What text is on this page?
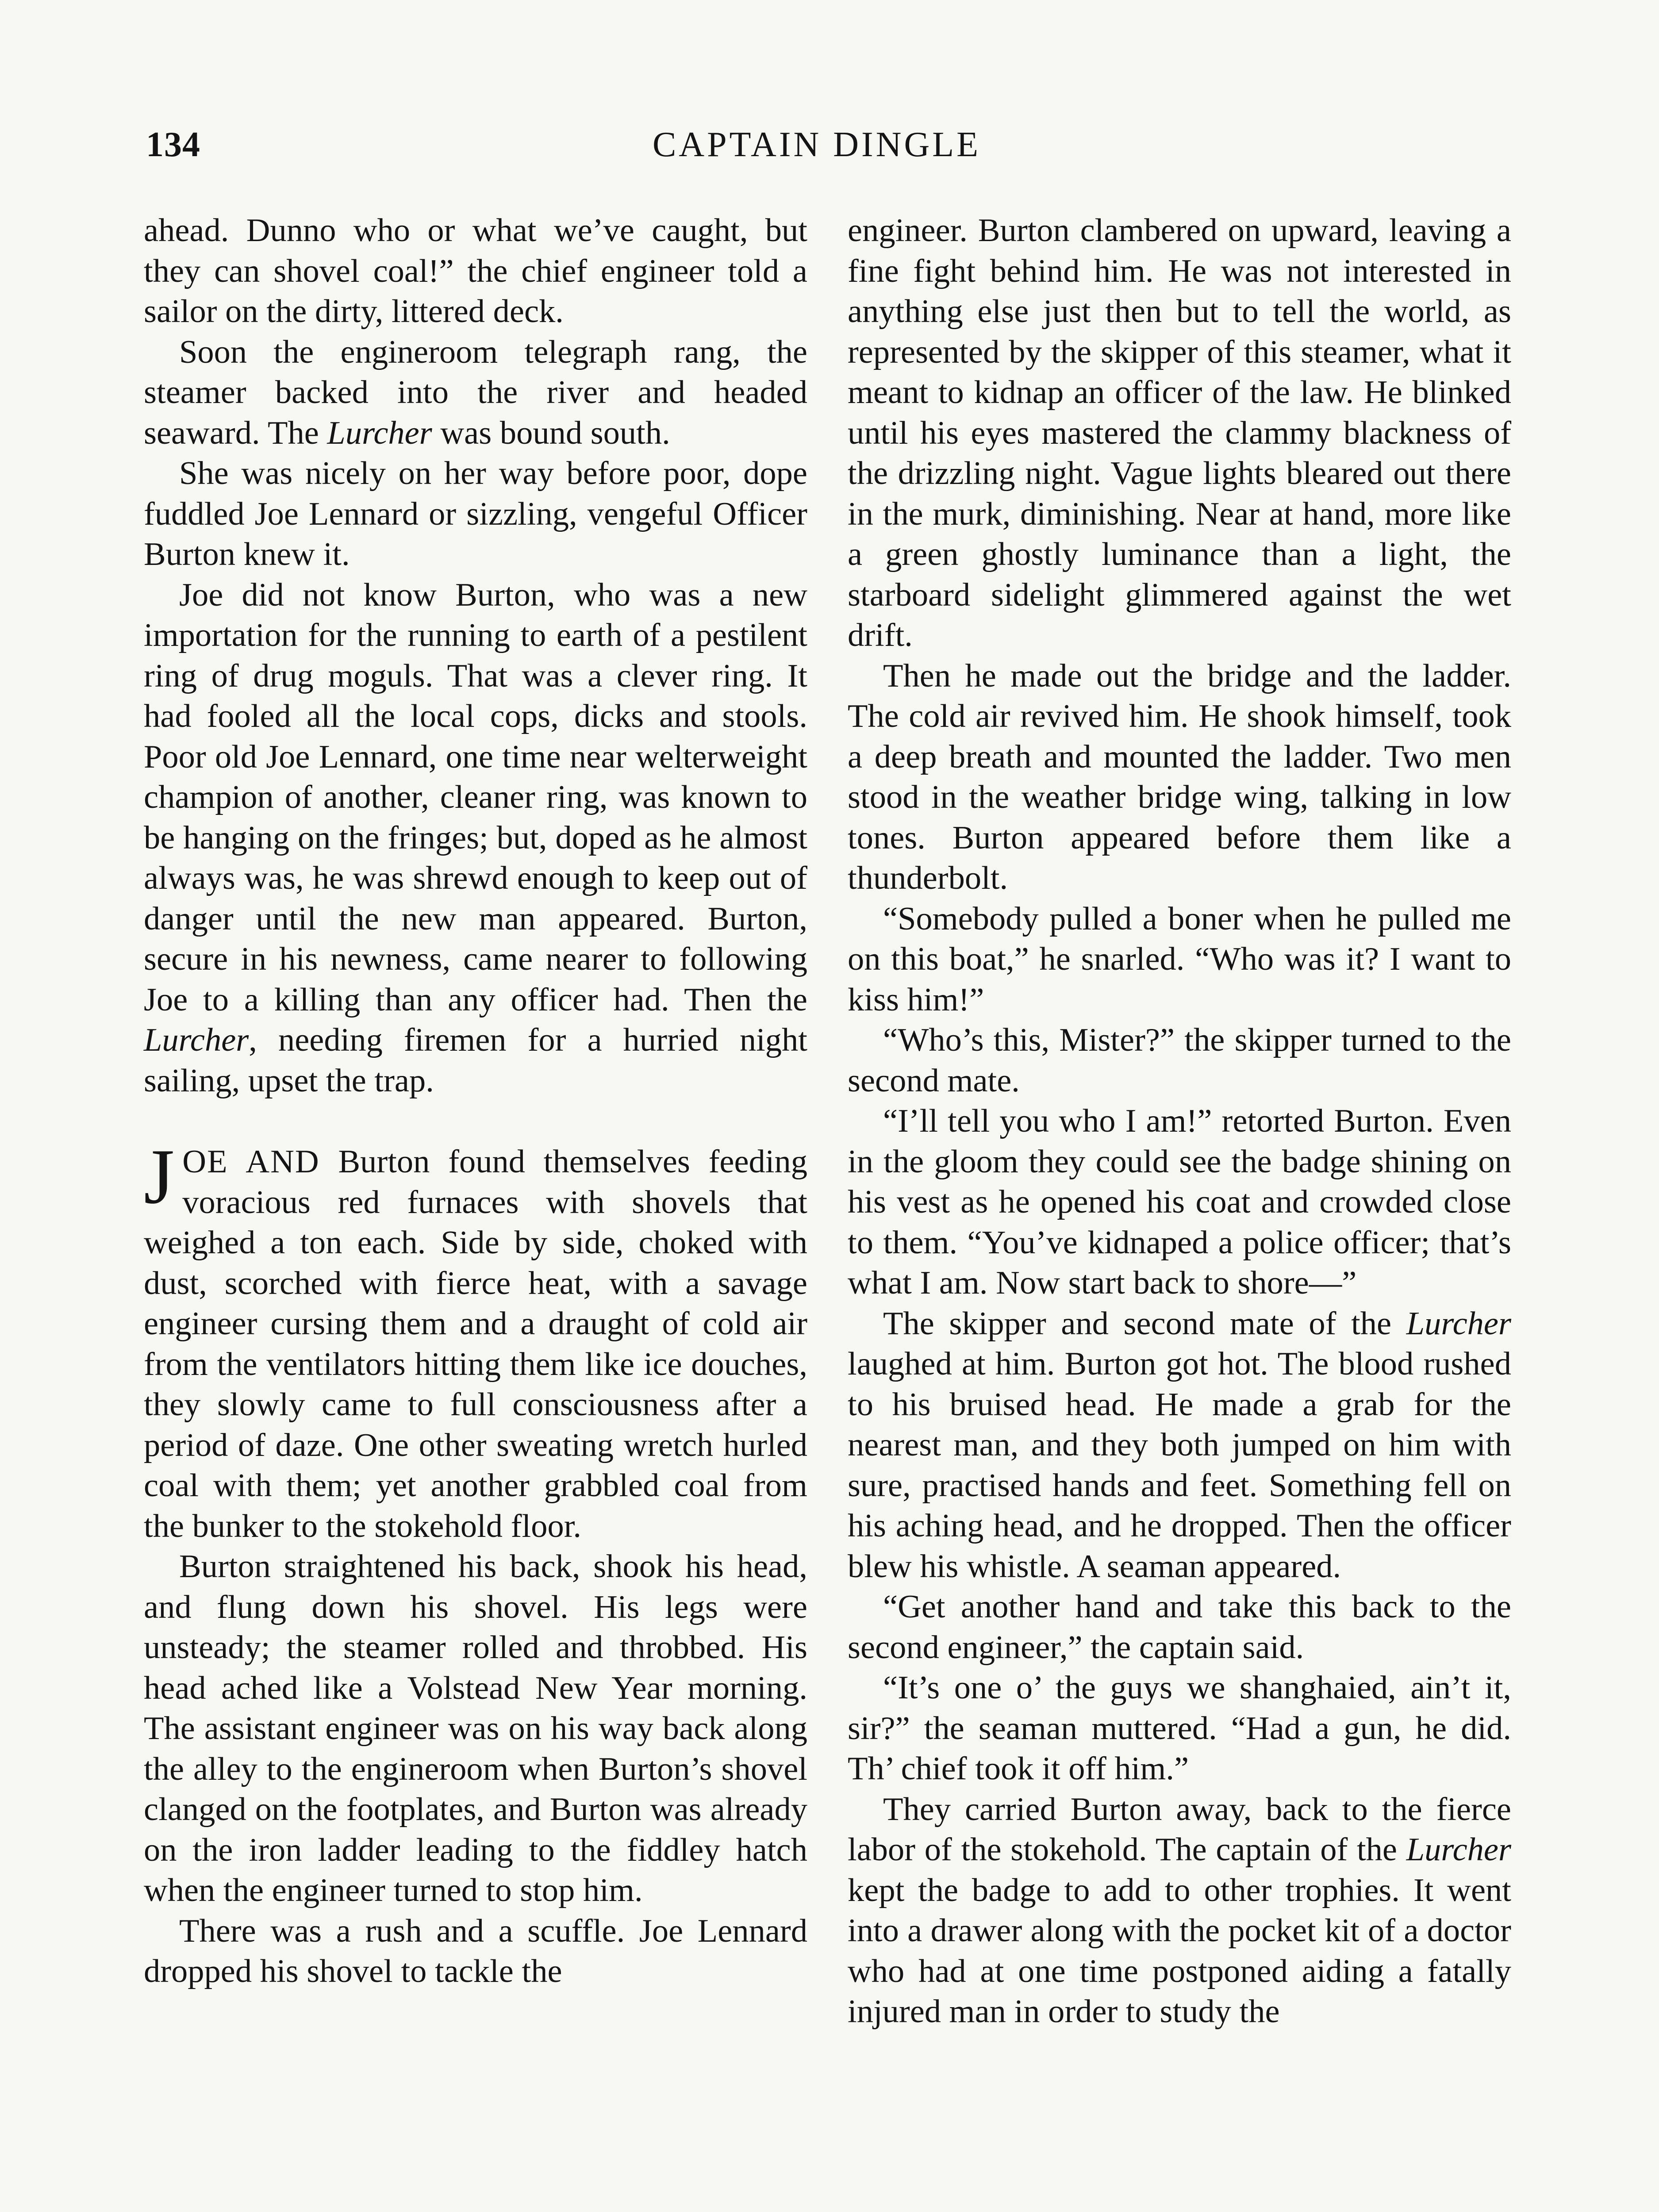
134	CAPTAIN DINGLE

ahead. Dunno who or what we’ve caught, but they can shovel coal!” the chief engineer told a sailor on the dirty, littered deck.

Soon the engineroom telegraph rang, the steamer backed into the river and headed seaward. The Lurcher was bound south.

She was nicely on her way before poor, dope fuddled Joe Lennard or sizzling, vengeful Officer Burton knew it.

Joe did not know Burton, who was a new importation for the running to earth of a pestilent ring of drug moguls. That was a clever ring. It had fooled all the local cops, dicks and stools. Poor old Joe Lennard, one time near welterweight champion of another, cleaner ring, was known to be hanging on the fringes; but, doped as he almost always was, he was shrewd enough to keep out of danger until the new man appeared. Burton, secure in his newness, came nearer to following Joe to a killing than any officer had. Then the Lurcher, needing firemen for a hurried night sailing, upset the trap.

JOE AND Burton found themselves feeding voracious red furnaces with shovels that weighed a ton each. Side by side, choked with dust, scorched with fierce heat, with a savage engineer cursing them and a draught of cold air from the ventilators hitting them like ice douches, they slowly came to full consciousness after a period of daze. One other sweating wretch hurled coal with them; yet another grabbled coal from the bunker to the stokehold floor.

Burton straightened his back, shook his head, and flung down his shovel. His legs were unsteady; the steamer rolled and throbbed. His head ached like a Volstead New Year morning. The assistant engineer was on his way back along the alley to the engineroom when Burton’s shovel clanged on the footplates, and Burton was already on the iron ladder leading to the fiddley hatch when the engineer turned to stop him.

There was a rush and a scuffle. Joe Lennard dropped his shovel to tackle the

engineer. Burton clambered on upward, leaving a fine fight behind him. He was not interested in anything else just then but to tell the world, as represented by the skipper of this steamer, what it meant to kidnap an officer of the law. He blinked until his eyes mastered the clammy blackness of the drizzling night. Vague lights bleared out there in the murk, diminishing. Near at hand, more like a green ghostly luminance than a light, the starboard sidelight glimmered against the wet drift.

Then he made out the bridge and the ladder. The cold air revived him. He shook himself, took a deep breath and mounted the ladder. Two men stood in the weather bridge wing, talking in low tones. Burton appeared before them like a thunderbolt.

“Somebody pulled a boner when he pulled me on this boat,” he snarled. “Who was it? I want to kiss him!”

“Who’s this, Mister?” the skipper turned to the second mate.

“I’ll tell you who I am!” retorted Burton. Even in the gloom they could see the badge shining on his vest as he opened his coat and crowded close to them. “You’ve kidnaped a police officer; that’s what I am. Now start back to shore—”

The skipper and second mate of the Lurcher laughed at him. Burton got hot. The blood rushed to his bruised head. He made a grab for the nearest man, and they both jumped on him with sure, practised hands and feet. Something fell on his aching head, and he dropped. Then the officer blew his whistle. A seaman appeared.

“Get another hand and take this back to the second engineer,” the captain said.

“It’s one o’ the guys we shanghaied, ain’t it, sir?” the seaman muttered. “Had a gun, he did. Th’ chief took it off him.”

They carried Burton away, back to the fierce labor of the stokehold. The captain of the Lurcher kept the badge to add to other trophies. It went into a drawer along with the pocket kit of a doctor who had at one time postponed aiding a fatally injured man in order to study the
